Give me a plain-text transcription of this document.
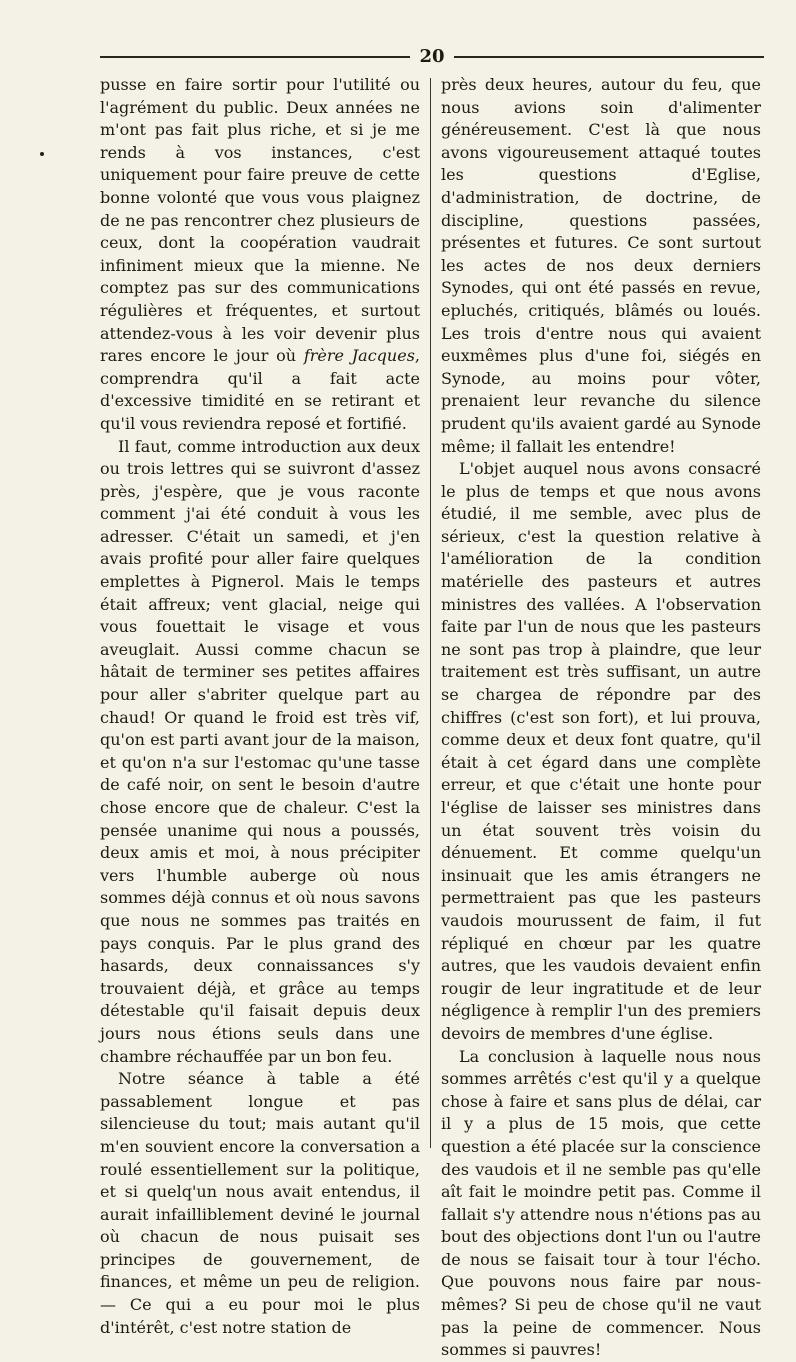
20

pusse en faire sortir pour l'utilité ou l'agrément du public. Deux années ne m'ont pas fait plus riche, et si je me rends à vos instances, c'est uniquement pour faire preuve de cette bonne volonté que vous vous plaignez de ne pas rencontrer chez plusieurs de ceux, dont la coopération vaudrait infiniment mieux que la mienne. Ne comptez pas sur des communications régulières et fréquentes, et surtout attendez-vous à les voir devenir plus rares encore le jour où frère Jacques, comprendra qu'il a fait acte d'excessive timidité en se retirant et qu'il vous reviendra reposé et fortifié.

Il faut, comme introduction aux deux ou trois lettres qui se suivront d'assez près, j'espère, que je vous raconte comment j'ai été conduit à vous les adresser. C'était un samedi, et j'en avais profité pour aller faire quelques emplettes à Pignerol. Mais le temps était affreux; vent glacial, neige qui vous fouettait le visage et vous aveuglait. Aussi comme chacun se hâtait de terminer ses petites affaires pour aller s'abriter quelque part au chaud! Or quand le froid est très vif, qu'on est parti avant jour de la maison, et qu'on n'a sur l'estomac qu'une tasse de café noir, on sent le besoin d'autre chose encore que de chaleur. C'est la pensée unanime qui nous a poussés, deux amis et moi, à nous précipiter vers l'humble auberge où nous sommes déjà connus et où nous savons que nous ne sommes pas traités en pays conquis. Par le plus grand des hasards, deux connaissances s'y trouvaient déjà, et grâce au temps détestable qu'il faisait depuis deux jours nous étions seuls dans une chambre réchauffée par un bon feu.

Notre séance à table a été passablement longue et pas silencieuse du tout; mais autant qu'il m'en souvient encore la conversation a roulé essentiellement sur la politique, et si quelq'un nous avait entendus, il aurait infailliblement deviné le journal où chacun de nous puisait ses principes de gouvernement, de finances, et même un peu de religion. — Ce qui a eu pour moi le plus d'intérêt, c'est notre station de

près deux heures, autour du feu, que nous avions soin d'alimenter généreusement. C'est là que nous avons vigoureusement attaqué toutes les questions d'Eglise, d'administration, de doctrine, de discipline, questions passées, présentes et futures. Ce sont surtout les actes de nos deux derniers Synodes, qui ont été passés en revue, epluchés, critiqués, blâmés ou loués. Les trois d'entre nous qui avaient euxmêmes plus d'une foi, siégés en Synode, au moins pour vôter, prenaient leur revanche du silence prudent qu'ils avaient gardé au Synode même; il fallait les entendre!

L'objet auquel nous avons consacré le plus de temps et que nous avons étudié, il me semble, avec plus de sérieux, c'est la question relative à l'amélioration de la condition matérielle des pasteurs et autres ministres des vallées. A l'observation faite par l'un de nous que les pasteurs ne sont pas trop à plaindre, que leur traitement est très suffisant, un autre se chargea de répondre par des chiffres (c'est son fort), et lui prouva, comme deux et deux font quatre, qu'il était à cet égard dans une complète erreur, et que c'était une honte pour l'église de laisser ses ministres dans un état souvent très voisin du dénuement. Et comme quelqu'un insinuait que les amis étrangers ne permettraient pas que les pasteurs vaudois mourussent de faim, il fut répliqué en chœur par les quatre autres, que les vaudois devaient enfin rougir de leur ingratitude et de leur négligence à remplir l'un des premiers devoirs de membres d'une église.

La conclusion à laquelle nous nous sommes arrêtés c'est qu'il y a quelque chose à faire et sans plus de délai, car il y a plus de 15 mois, que cette question a été placée sur la conscience des vaudois et il ne semble pas qu'elle aît fait le moindre petit pas. Comme il fallait s'y attendre nous n'étions pas au bout des objections dont l'un ou l'autre de nous se faisait tour à tour l'écho. Que pouvons nous faire par nous-mêmes? Si peu de chose qu'il ne vaut pas la peine de commencer. Nous sommes si pauvres!
